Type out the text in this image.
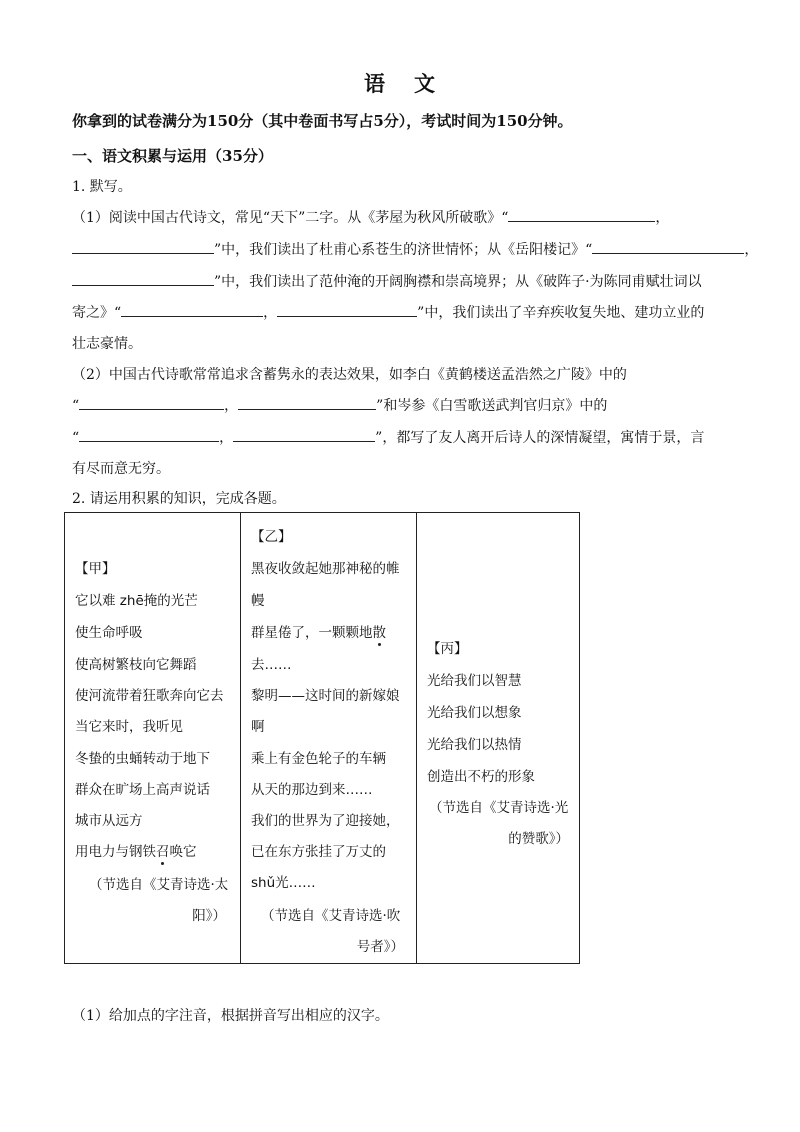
语 文
你拿到的试卷满分为150分（其中卷面书写占5分），考试时间为150分钟。
一、语文积累与运用（35分）
1. 默写。
（1）阅读中国古代诗文，常见“天下”二字。从《茅屋为秋风所破歌》“	，
”中，我们读出了杜甫心系苍生的济世情怀；从《岳阳楼记》“	，
”中，我们读出了范仲淹的开阔胸襟和崇高境界；从《破阵子·为陈同甫赋壮词以
寄之》“	，	”中，我们读出了辛弃疾收复失地、建功立业的
壮志豪情。
（2）中国古代诗歌常常追求含蓄隽永的表达效果，如李白《黄鹤楼送孟浩然之广陵》中的
“	，	”和岑参《白雪歌送武判官归京》中的
“	，	”，都写了友人离开后诗人的深情凝望，寓情于景，言
有尽而意无穷。
2. 请运用积累的知识，完成各题。
【甲】
它以难 zhē掩的光芒
使生命呼吸
使高树繁枝向它舞蹈
使河流带着狂歌奔向它去
当它来时，我听见
冬蛰的虫蛹转动于地下
群众在旷场上高声说话
城市从远方
用电力与钢铁召唤它
（节选自《艾青诗选·太
阳》）
【乙】
黑夜收敛起她那神秘的帷
幔
群星倦了，一颗颗地散
去……
黎明——这时间的新嫁娘
啊
乘上有金色轮子的车辆
从天的那边到来……
我们的世界为了迎接她，
已在东方张挂了万丈的
shǔ光……
（节选自《艾青诗选·吹
号者》）
【丙】
光给我们以智慧
光给我们以想象
光给我们以热情
创造出不朽的形象
（节选自《艾青诗选·光
的赞歌》）
（1）给加点的字注音，根据拼音写出相应的汉字。
